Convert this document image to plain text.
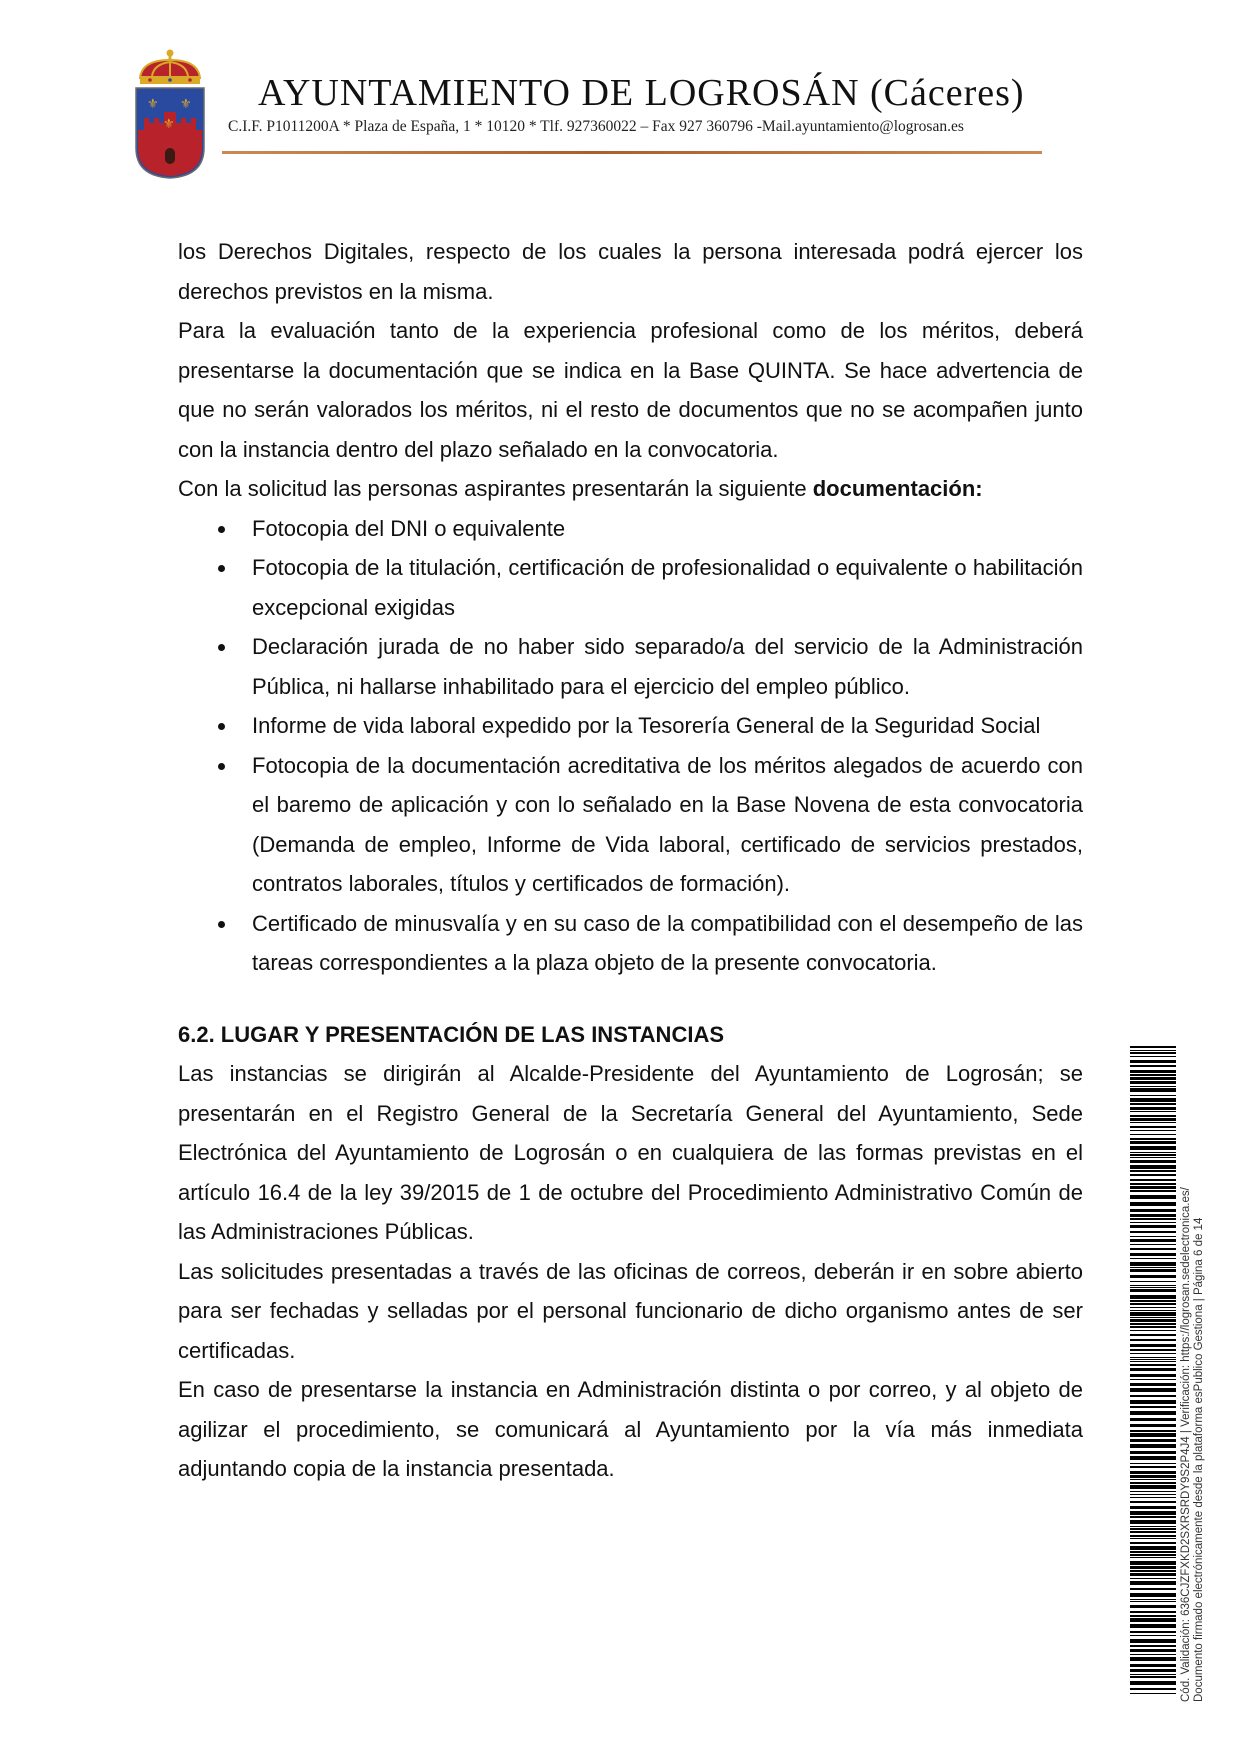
⚜ ⚜
⚜
AYUNTAMIENTO DE LOGROSÁN (Cáceres)
C.I.F. P1011200A * Plaza de España, 1 * 10120 * Tlf. 927360022 – Fax 927 360796 -Mail.ayuntamiento@logrosan.es

los Derechos Digitales, respecto de los cuales la persona interesada podrá ejercer los derechos previstos en la misma.

Para la evaluación tanto de la experiencia profesional como de los méritos, deberá presentarse la documentación que se indica en la Base QUINTA. Se hace advertencia de que no serán valorados los méritos, ni el resto de documentos que no se acompañen junto con la instancia dentro del plazo señalado en la convocatoria.

Con la solicitud las personas aspirantes presentarán la siguiente documentación:

Fotocopia del DNI o equivalente
Fotocopia de la titulación, certificación de profesionalidad o equivalente o habilitación excepcional exigidas
Declaración jurada de no haber sido separado/a del servicio de la Administración Pública, ni hallarse inhabilitado para el ejercicio del empleo público.
Informe de vida laboral expedido por la Tesorería General de la Seguridad Social
Fotocopia de la documentación acreditativa de los méritos alegados de acuerdo con el baremo de aplicación y con lo señalado en la Base Novena de esta convocatoria (Demanda de empleo, Informe de Vida laboral, certificado de servicios prestados, contratos laborales, títulos y certificados de formación).
Certificado de minusvalía y en su caso de la compatibilidad con el desempeño de las tareas correspondientes a la plaza objeto de la presente convocatoria.

6.2. LUGAR Y PRESENTACIÓN DE LAS INSTANCIAS

Las instancias se dirigirán al Alcalde-Presidente del Ayuntamiento de Logrosán; se presentarán en el Registro General de la Secretaría General del Ayuntamiento, Sede Electrónica del Ayuntamiento de Logrosán o en cualquiera de las formas previstas en el artículo 16.4 de la ley 39/2015 de 1 de octubre del Procedimiento Administrativo Común de las Administraciones Públicas.

Las solicitudes presentadas a través de las oficinas de correos, deberán ir en sobre abierto para ser fechadas y selladas por el personal funcionario de dicho organismo antes de ser certificadas.

En caso de presentarse la instancia en Administración distinta o por correo, y al objeto de agilizar el procedimiento, se comunicará al Ayuntamiento por la vía más inmediata adjuntando copia de la instancia presentada.	Cód. Validación: 636CJZFXKD2SXRSRDY9S2P4J4 | Verificación: https://logrosan.sedelectronica.es/ Documento firmado electrónicamente desde la plataforma esPublico Gestiona | Página 6 de 14
